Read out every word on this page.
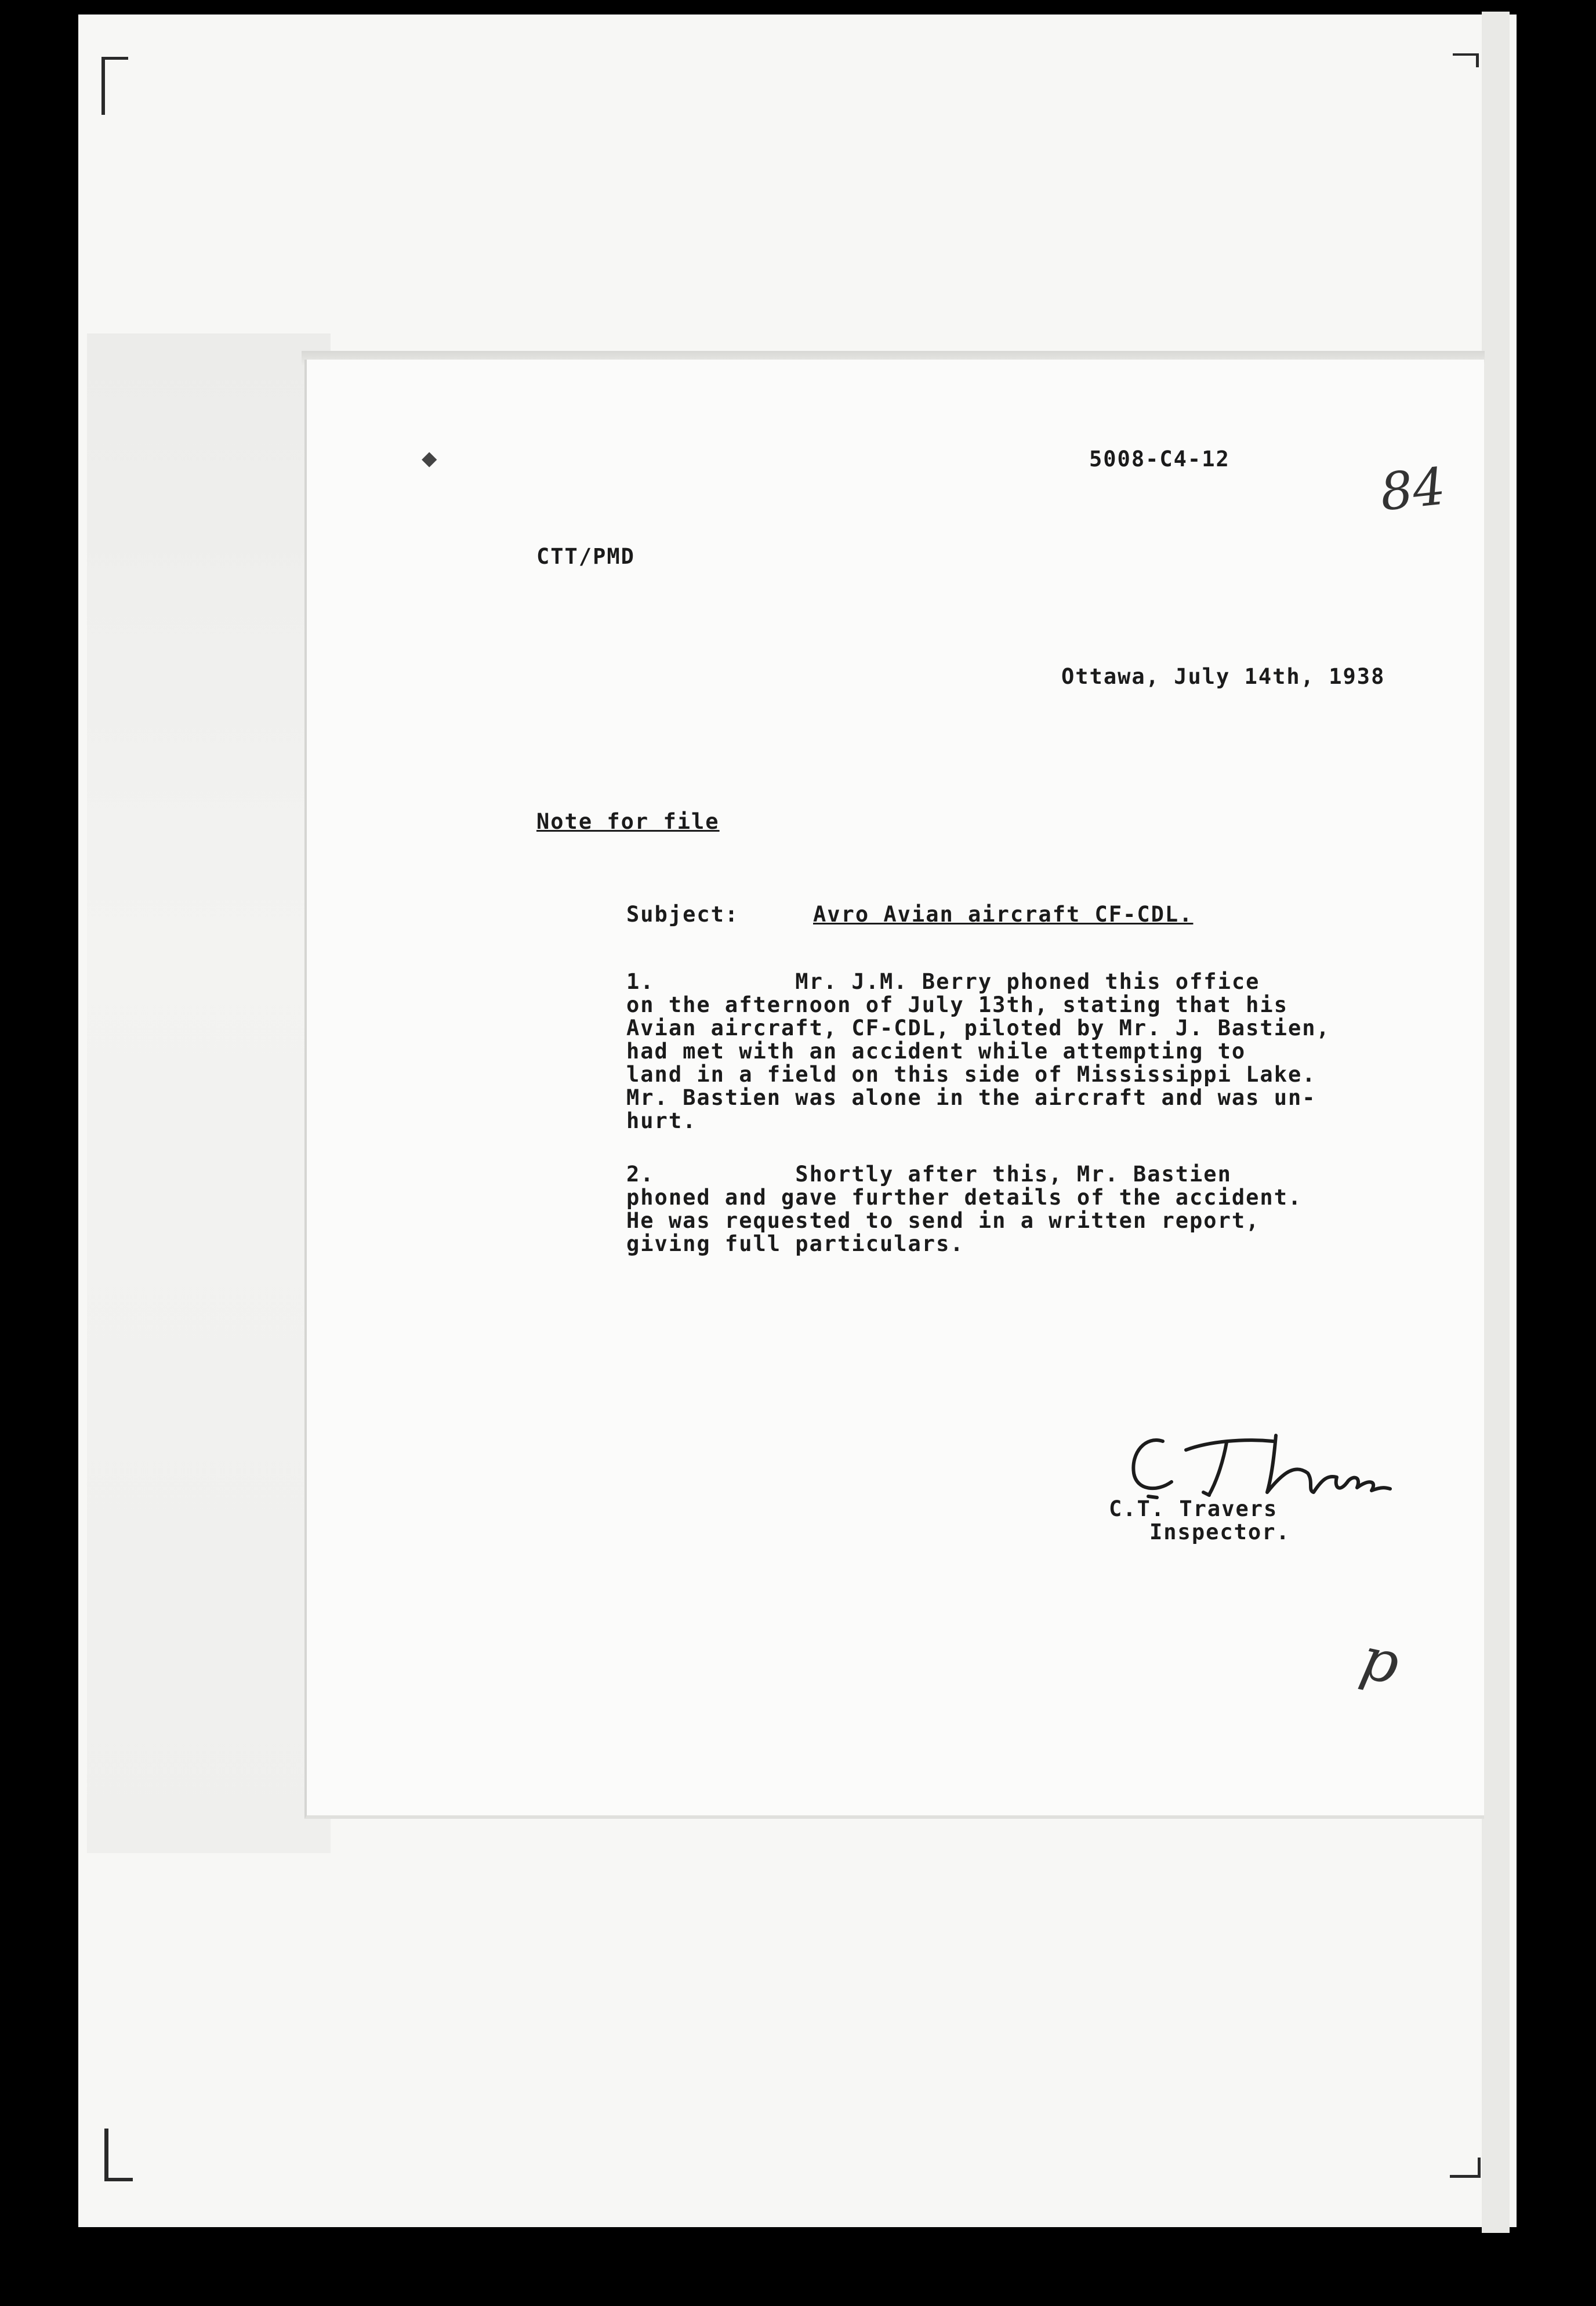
◆	5008-C4-12	84
CTT/PMD
Ottawa, July 14th, 1938
Note for file
Subject:	Avro Avian aircraft CF-CDL.
1.          Mr. J.M. Berry phoned this office
on the afternoon of July 13th, stating that his
Avian aircraft, CF-CDL, piloted by Mr. J. Bastien,
had met with an accident while attempting to
land in a field on this side of Mississippi Lake.
Mr. Bastien was alone in the aircraft and was un-
hurt.
2.          Shortly after this, Mr. Bastien
phoned and gave further details of the accident.
He was requested to send in a written report,
giving full particulars.
C.T. Travers
Inspector.
p
